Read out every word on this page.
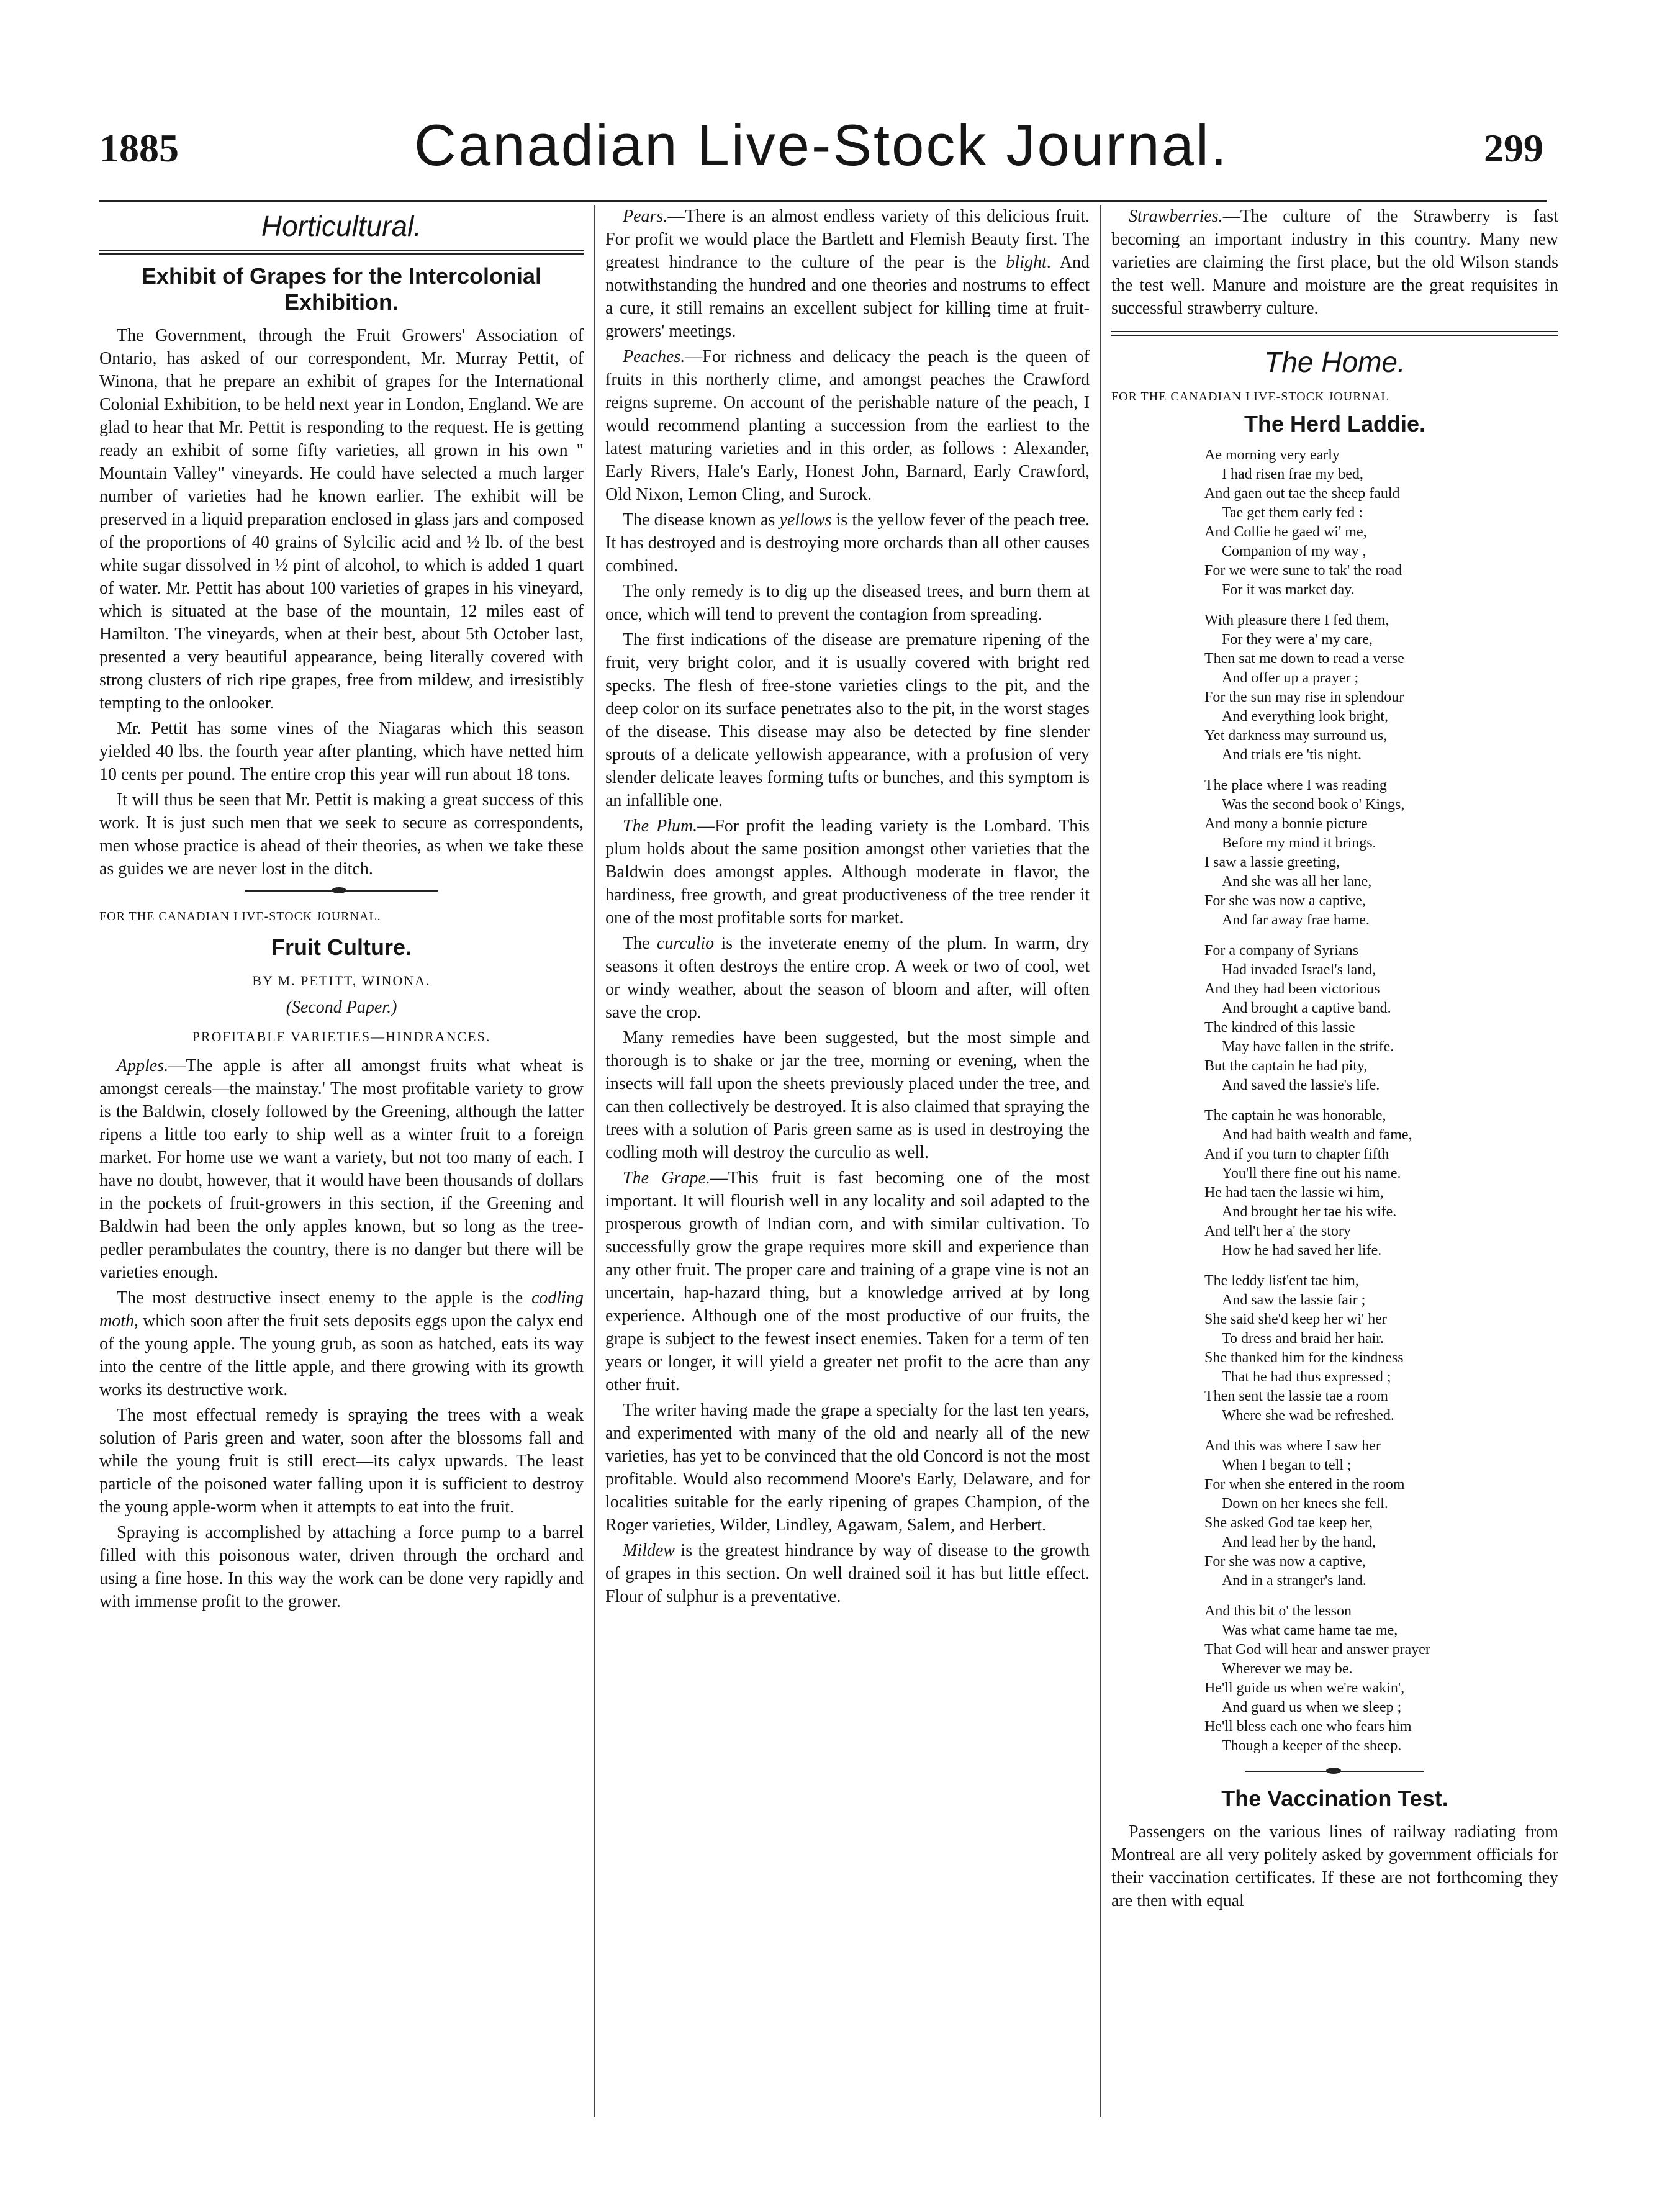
1885	Canadian Live-Stock Journal.	299
Horticultural.
Exhibit of Grapes for the Intercolonial Exhibition.

The Government, through the Fruit Growers' Association of Ontario, has asked of our correspondent, Mr. Murray Pettit, of Winona, that he prepare an exhibit of grapes for the International Colonial Exhibition, to be held next year in London, England. We are glad to hear that Mr. Pettit is responding to the request. He is getting ready an exhibit of some fifty varieties, all grown in his own " Mountain Valley" vineyards. He could have selected a much larger number of varieties had he known earlier. The exhibit will be preserved in a liquid preparation enclosed in glass jars and composed of the proportions of 40 grains of Sylcilic acid and ½ lb. of the best white sugar dissolved in ½ pint of alcohol, to which is added 1 quart of water. Mr. Pettit has about 100 varieties of grapes in his vineyard, which is situated at the base of the mountain, 12 miles east of Hamilton. The vineyards, when at their best, about 5th October last, presented a very beautiful appearance, being literally covered with strong clusters of rich ripe grapes, free from mildew, and irresistibly tempting to the onlooker.

Mr. Pettit has some vines of the Niagaras which this season yielded 40 lbs. the fourth year after planting, which have netted him 10 cents per pound. The entire crop this year will run about 18 tons.

It will thus be seen that Mr. Pettit is making a great success of this work. It is just such men that we seek to secure as correspondents, men whose practice is ahead of their theories, as when we take these as guides we are never lost in the ditch.

FOR THE CANADIAN LIVE-STOCK JOURNAL.
Fruit Culture.
BY M. PETITT, WINONA.
(Second Paper.)
PROFITABLE VARIETIES—HINDRANCES.

Apples.—The apple is after all amongst fruits what wheat is amongst cereals—the mainstay.' The most profitable variety to grow is the Baldwin, closely followed by the Greening, although the latter ripens a little too early to ship well as a winter fruit to a foreign market. For home use we want a variety, but not too many of each. I have no doubt, however, that it would have been thousands of dollars in the pockets of fruit-growers in this section, if the Greening and Baldwin had been the only apples known, but so long as the tree-pedler perambulates the country, there is no danger but there will be varieties enough.

The most destructive insect enemy to the apple is the codling moth, which soon after the fruit sets deposits eggs upon the calyx end of the young apple. The young grub, as soon as hatched, eats its way into the centre of the little apple, and there growing with its growth works its destructive work.

The most effectual remedy is spraying the trees with a weak solution of Paris green and water, soon after the blossoms fall and while the young fruit is still erect—its calyx upwards. The least particle of the poisoned water falling upon it is sufficient to destroy the young apple-worm when it attempts to eat into the fruit.

Spraying is accomplished by attaching a force pump to a barrel filled with this poisonous water, driven through the orchard and using a fine hose. In this way the work can be done very rapidly and with immense profit to the grower.

Pears.—There is an almost endless variety of this delicious fruit. For profit we would place the Bartlett and Flemish Beauty first. The greatest hindrance to the culture of the pear is the blight. And notwithstanding the hundred and one theories and nostrums to effect a cure, it still remains an excellent subject for killing time at fruit-growers' meetings.

Peaches.—For richness and delicacy the peach is the queen of fruits in this northerly clime, and amongst peaches the Crawford reigns supreme. On account of the perishable nature of the peach, I would recommend planting a succession from the earliest to the latest maturing varieties and in this order, as follows : Alexander, Early Rivers, Hale's Early, Honest John, Barnard, Early Crawford, Old Nixon, Lemon Cling, and Surock.

The disease known as yellows is the yellow fever of the peach tree. It has destroyed and is destroying more orchards than all other causes combined.

The only remedy is to dig up the diseased trees, and burn them at once, which will tend to prevent the contagion from spreading.

The first indications of the disease are premature ripening of the fruit, very bright color, and it is usually covered with bright red specks. The flesh of free-stone varieties clings to the pit, and the deep color on its surface penetrates also to the pit, in the worst stages of the disease. This disease may also be detected by fine slender sprouts of a delicate yellowish appearance, with a profusion of very slender delicate leaves forming tufts or bunches, and this symptom is an infallible one.

The Plum.—For profit the leading variety is the Lombard. This plum holds about the same position amongst other varieties that the Baldwin does amongst apples. Although moderate in flavor, the hardiness, free growth, and great productiveness of the tree render it one of the most profitable sorts for market.

The curculio is the inveterate enemy of the plum. In warm, dry seasons it often destroys the entire crop. A week or two of cool, wet or windy weather, about the season of bloom and after, will often save the crop.

Many remedies have been suggested, but the most simple and thorough is to shake or jar the tree, morning or evening, when the insects will fall upon the sheets previously placed under the tree, and can then collectively be destroyed. It is also claimed that spraying the trees with a solution of Paris green same as is used in destroying the codling moth will destroy the curculio as well.

The Grape.—This fruit is fast becoming one of the most important. It will flourish well in any locality and soil adapted to the prosperous growth of Indian corn, and with similar cultivation. To successfully grow the grape requires more skill and experience than any other fruit. The proper care and training of a grape vine is not an uncertain, hap-hazard thing, but a knowledge arrived at by long experience. Although one of the most productive of our fruits, the grape is subject to the fewest insect enemies. Taken for a term of ten years or longer, it will yield a greater net profit to the acre than any other fruit.

The writer having made the grape a specialty for the last ten years, and experimented with many of the old and nearly all of the new varieties, has yet to be convinced that the old Concord is not the most profitable. Would also recommend Moore's Early, Delaware, and for localities suitable for the early ripening of grapes Champion, of the Roger varieties, Wilder, Lindley, Agawam, Salem, and Herbert.

Mildew is the greatest hindrance by way of disease to the growth of grapes in this section. On well drained soil it has but little effect. Flour of sulphur is a preventative.

Strawberries.—The culture of the Strawberry is fast becoming an important industry in this country. Many new varieties are claiming the first place, but the old Wilson stands the test well. Manure and moisture are the great requisites in successful strawberry culture.

The Home.
FOR THE CANADIAN LIVE-STOCK JOURNAL
The Herd Laddie.
Ae morning very early
I had risen frae my bed,
And gaen out tae the sheep fauld
Tae get them early fed :
And Collie he gaed wi' me,
Companion of my way ,
For we were sune to tak' the road
For it was market day.
With pleasure there I fed them,
For they were a' my care,
Then sat me down to read a verse
And offer up a prayer ;
For the sun may rise in splendour
And everything look bright,
Yet darkness may surround us,
And trials ere 'tis night.
The place where I was reading
Was the second book o' Kings,
And mony a bonnie picture
Before my mind it brings.
I saw a lassie greeting,
And she was all her lane,
For she was now a captive,
And far away frae hame.
For a company of Syrians
Had invaded Israel's land,
And they had been victorious
And brought a captive band.
The kindred of this lassie
May have fallen in the strife.
But the captain he had pity,
And saved the lassie's life.
The captain he was honorable,
And had baith wealth and fame,
And if you turn to chapter fifth
You'll there fine out his name.
He had taen the lassie wi him,
And brought her tae his wife.
And tell't her a' the story
How he had saved her life.
The leddy list'ent tae him,
And saw the lassie fair ;
She said she'd keep her wi' her
To dress and braid her hair.
She thanked him for the kindness
That he had thus expressed ;
Then sent the lassie tae a room
Where she wad be refreshed.
And this was where I saw her
When I began to tell ;
For when she entered in the room
Down on her knees she fell.
She asked God tae keep her,
And lead her by the hand,
For she was now a captive,
And in a stranger's land.
And this bit o' the lesson
Was what came hame tae me,
That God will hear and answer prayer
Wherever we may be.
He'll guide us when we're wakin',
And guard us when we sleep ;
He'll bless each one who fears him
Though a keeper of the sheep.
The Vaccination Test.

Passengers on the various lines of railway radiating from Montreal are all very politely asked by government officials for their vaccination certificates. If these are not forthcoming they are then with equal
